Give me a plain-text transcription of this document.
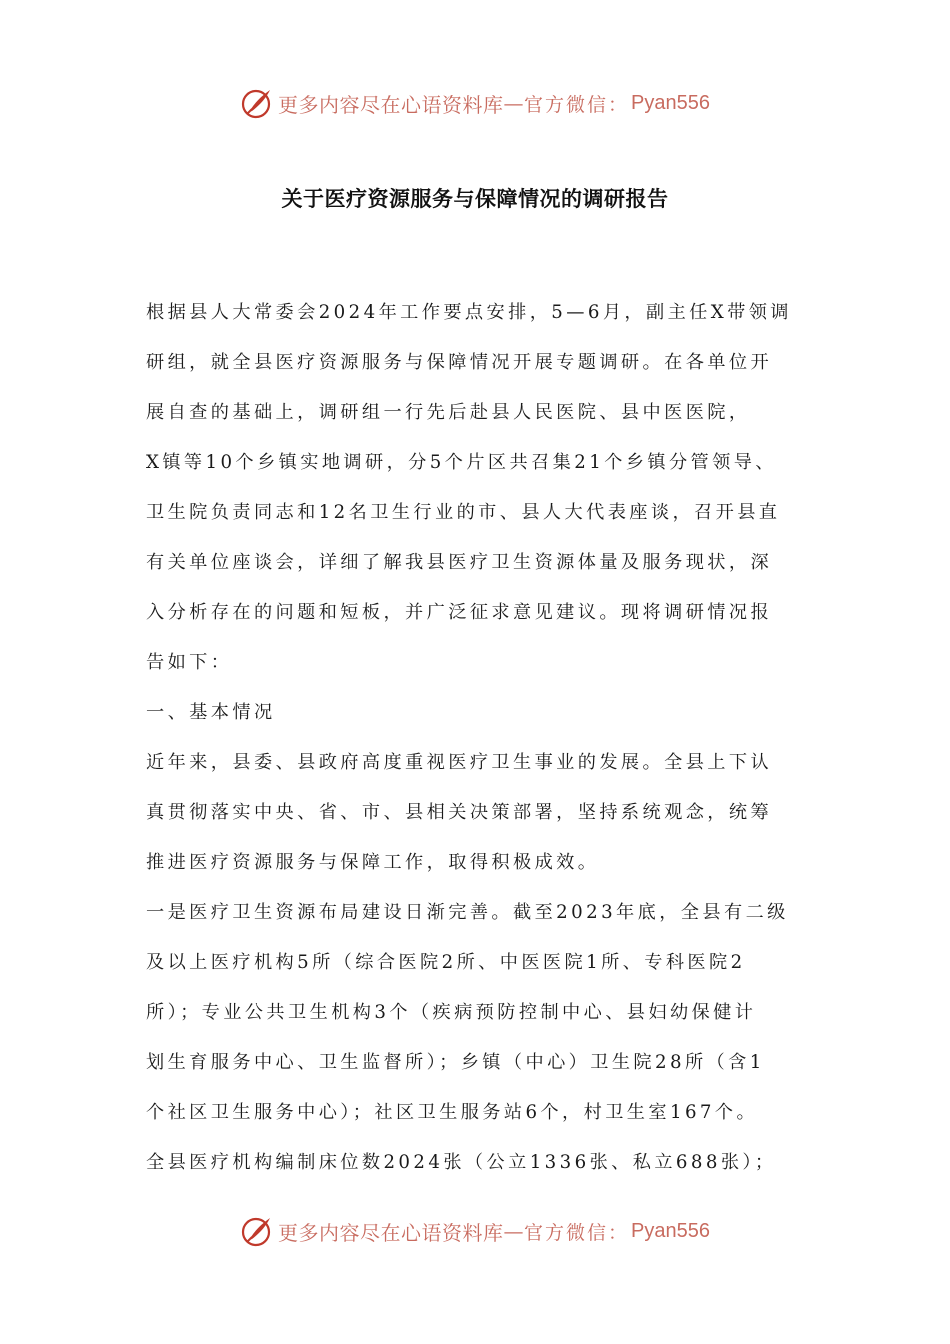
更多内容尽在心语资料库 — 官方微信： Pyan556
关于医疗资源服务与保障情况的调研报告
根据县人大常委会2024年工作要点安排，5—6月，副主任X带领调
研组，就全县医疗资源服务与保障情况开展专题调研。在各单位开
展自查的基础上，调研组一行先后赴县人民医院、县中医医院，
X镇等10个乡镇实地调研，分5个片区共召集21个乡镇分管领导、
卫生院负责同志和12名卫生行业的市、县人大代表座谈，召开县直
有关单位座谈会，详细了解我县医疗卫生资源体量及服务现状，深
入分析存在的问题和短板，并广泛征求意见建议。现将调研情况报
告如下：
一、基本情况
近年来，县委、县政府高度重视医疗卫生事业的发展。全县上下认
真贯彻落实中央、省、市、县相关决策部署，坚持系统观念，统筹
推进医疗资源服务与保障工作，取得积极成效。
一是医疗卫生资源布局建设日渐完善。截至2023年底，全县有二级
及以上医疗机构5所（综合医院2所、中医医院1所、专科医院2
所）；专业公共卫生机构3个（疾病预防控制中心、县妇幼保健计
划生育服务中心、卫生监督所）；乡镇（中心）卫生院28所（含1
个社区卫生服务中心）；社区卫生服务站6个，村卫生室167个。
全县医疗机构编制床位数2024张（公立1336张、私立688张）；
更多内容尽在心语资料库 — 官方微信： Pyan556
